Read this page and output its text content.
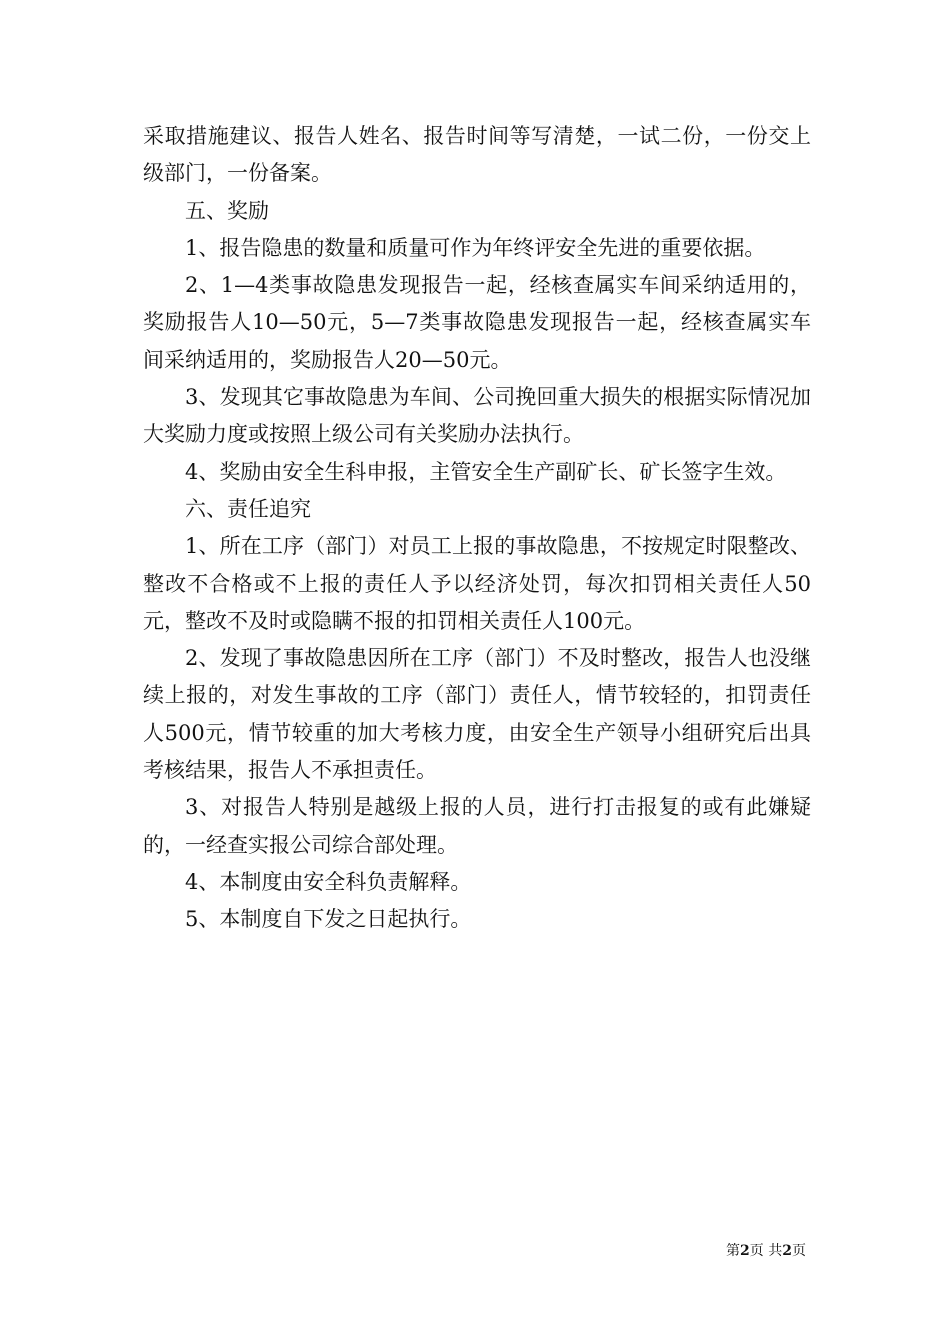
采取措施建议、报告人姓名、报告时间等写清楚，一试二份，一份交上级部门，一份备案。

五、奖励

1、报告隐患的数量和质量可作为年终评安全先进的重要依据。

2、1—4类事故隐患发现报告一起，经核查属实车间采纳适用的，奖励报告人10—50元，5—7类事故隐患发现报告一起，经核查属实车间采纳适用的，奖励报告人20—50元。

3、发现其它事故隐患为车间、公司挽回重大损失的根据实际情况加大奖励力度或按照上级公司有关奖励办法执行。

4、奖励由安全生科申报，主管安全生产副矿长、矿长签字生效。

六、责任追究

1、所在工序（部门）对员工上报的事故隐患，不按规定时限整改、整改不合格或不上报的责任人予以经济处罚，每次扣罚相关责任人50元，整改不及时或隐瞒不报的扣罚相关责任人100元。

2、发现了事故隐患因所在工序（部门）不及时整改，报告人也没继续上报的，对发生事故的工序（部门）责任人，情节较轻的，扣罚责任人500元，情节较重的加大考核力度，由安全生产领导小组研究后出具考核结果，报告人不承担责任。

3、对报告人特别是越级上报的人员，进行打击报复的或有此嫌疑的，一经查实报公司综合部处理。

4、本制度由安全科负责解释。

5、本制度自下发之日起执行。

第2页 共2页
